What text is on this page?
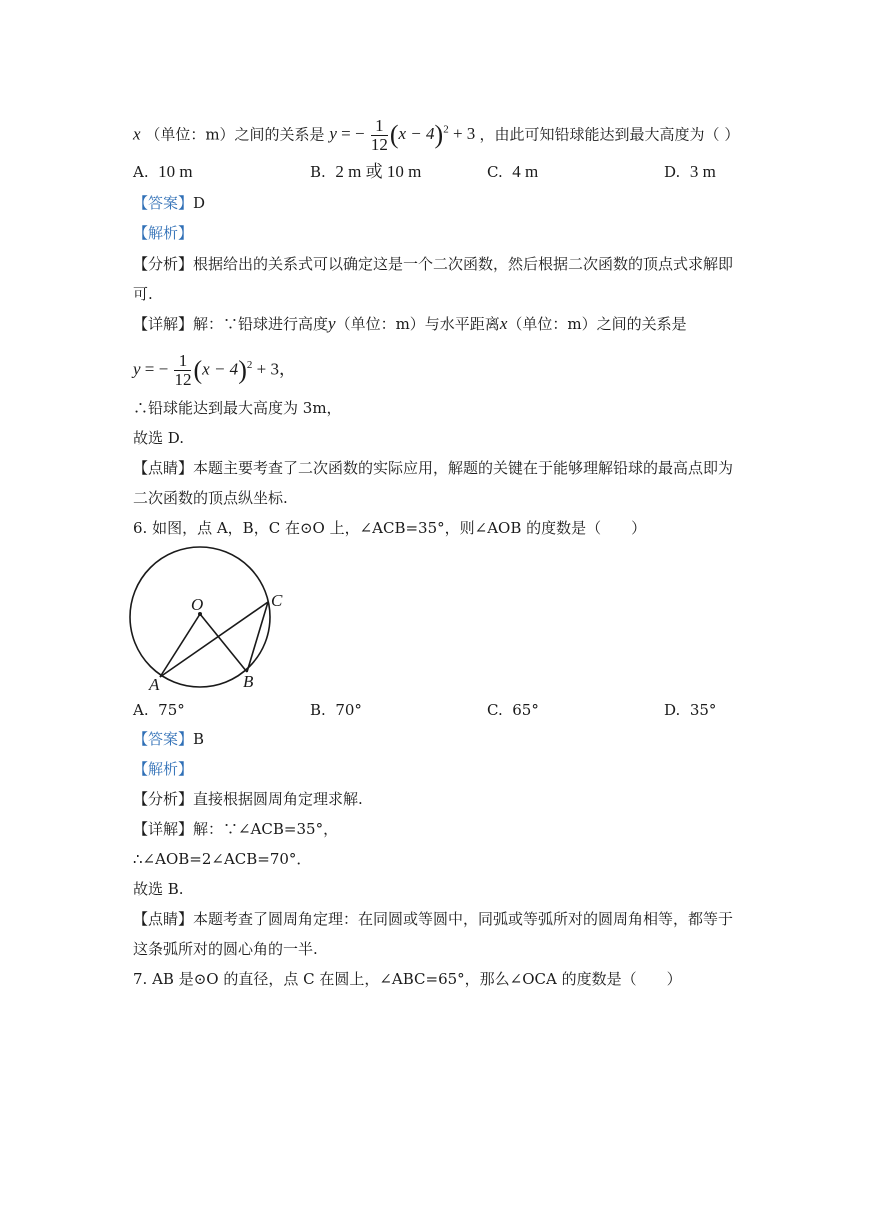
x （单位：m）之间的关系是 y = − $\frac{1}{12} (x - 4)^2 + 3$ ，由此可知铅球能达到最大高度为（ ）
A. 10 m	B. 2 m 或 10 m	C. 4 m	D. 3 m
【答案】D
【解析】
【分析】根据给出的关系式可以确定这是一个二次函数，然后根据二次函数的顶点式求解即
可.
【详解】解：∵铅球进行高度y（单位：m）与水平距离x（单位：m）之间的关系是
y = − $\frac{1}{12} (x - 4)^2 + 3$，
∴铅球能达到最大高度为 3m，
故选 D.
【点睛】本题主要考查了二次函数的实际应用，解题的关键在于能够理解铅球的最高点即为
二次函数的顶点纵坐标.
6. 如图，点 A，B，C 在⊙O 上，∠ACB=35°，则∠AOB 的度数是（　　）
O
A	B
C
A. 75°	B. 70°	C. 65°	D. 35°
【答案】B
【解析】
【分析】直接根据圆周角定理求解.
【详解】解：∵∠ACB=35°，
∴∠AOB=2∠ACB=70°．
故选 B.
【点睛】本题考查了圆周角定理：在同圆或等圆中，同弧或等弧所对的圆周角相等，都等于
这条弧所对的圆心角的一半.
7. AB 是⊙O 的直径，点 C 在圆上，∠ABC=65°，那么∠OCA 的度数是（　　）
